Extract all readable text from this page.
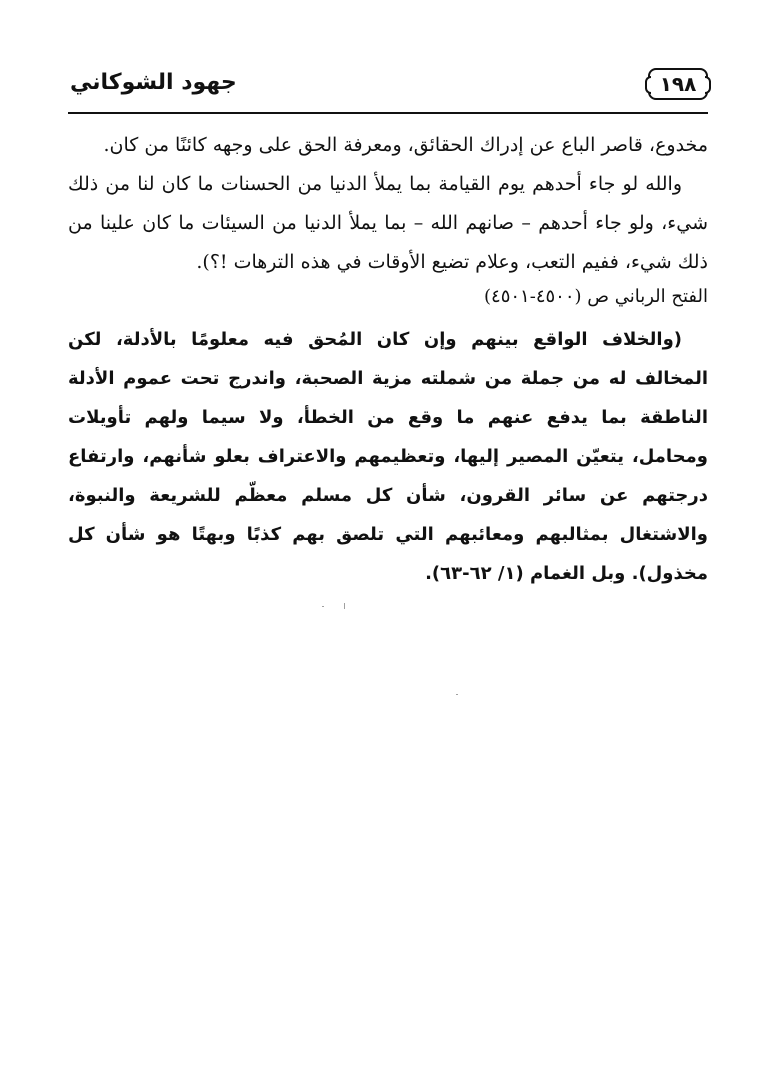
جهود الشوكاني	١٩٨

مخدوع، قاصر الباع عن إدراك الحقائق، ومعرفة الحق على وجهه كائنًا من كان.

والله لو جاء أحدهم يوم القيامة بما يملأ الدنيا من الحسنات ما كان لنا من ذلك شيء، ولو جاء أحدهم – صانهم الله – بما يملأ الدنيا من السيئات ما كان علينا من ذلك شيء، ففيم التعب، وعلام تضيع الأوقات في هذه الترهات !؟).

الفتح الرباني ص (٤٥٠٠-٤٥٠١)

(والخلاف الواقع بينهم وإن كان المُحق فيه معلومًا بالأدلة، لكن المخالف له من جملة من شملته مزية الصحبة، واندرج تحت عموم الأدلة الناطقة بما يدفع عنهم ما وقع من الخطأ، ولا سيما ولهم تأويلات ومحامل، يتعيّن المصير إليها، وتعظيمهم والاعتراف بعلو شأنهم، وارتفاع درجتهم عن سائر القرون، شأن كل مسلم معظّم للشريعة والنبوة، والاشتغال بمثالبهم ومعائبهم التي تلصق بهم كذبًا وبهتًا هو شأن كل مخذول). وبل الغمام (١/ ٦٢-٦٣).
